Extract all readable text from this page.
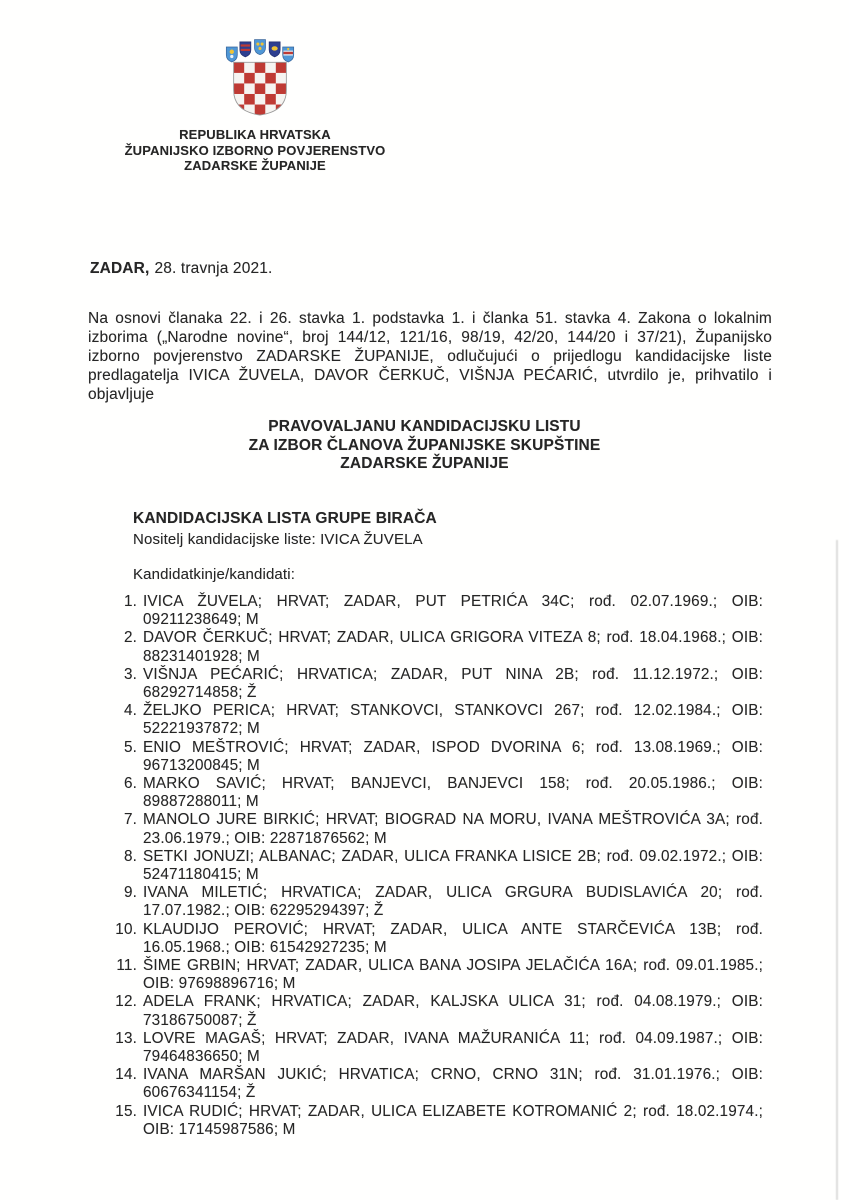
REPUBLIKA HRVATSKA
ŽUPANIJSKO IZBORNO POVJERENSTVO
ZADARSKE ŽUPANIJE
ZADAR, 28. travnja 2021.

Na osnovi članaka 22. i 26. stavka 1. podstavka 1. i članka 51. stavka 4. Zakona o lokalnim izborima („Narodne novine“, broj 144/12, 121/16, 98/19, 42/20, 144/20 i 37/21), Županijsko izborno povjerenstvo ZADARSKE ŽUPANIJE, odlučujući o prijedlogu kandidacijske liste predlagatelja IVICA ŽUVELA, DAVOR ČERKUČ, VIŠNJA PEĆARIĆ, utvrdilo je, prihvatilo i objavljuje

PRAVOVALJANU KANDIDACIJSKU LISTU
ZA IZBOR ČLANOVA ŽUPANIJSKE SKUPŠTINE
ZADARSKE ŽUPANIJE
KANDIDACIJSKA LISTA GRUPE BIRAČA
Nositelj kandidacijske liste: IVICA ŽUVELA
Kandidatkinje/kandidati:
1. IVICA ŽUVELA; HRVAT; ZADAR, PUT PETRIĆA 34C; rođ. 02.07.1969.; OIB: 09211238649; M
2. DAVOR ČERKUČ; HRVAT; ZADAR, ULICA GRIGORA VITEZA 8; rođ. 18.04.1968.; OIB: 88231401928; M
3. VIŠNJA PEĆARIĆ; HRVATICA; ZADAR, PUT NINA 2B; rođ. 11.12.1972.; OIB: 68292714858; Ž
4. ŽELJKO PERICA; HRVAT; STANKOVCI, STANKOVCI 267; rođ. 12.02.1984.; OIB: 52221937872; M
5. ENIO MEŠTROVIĆ; HRVAT; ZADAR, ISPOD DVORINA 6; rođ. 13.08.1969.; OIB: 96713200845; M
6. MARKO SAVIĆ; HRVAT; BANJEVCI, BANJEVCI 158; rođ. 20.05.1986.; OIB: 89887288011; M
7. MANOLO JURE BIRKIĆ; HRVAT; BIOGRAD NA MORU, IVANA MEŠTROVIĆA 3A; rođ. 23.06.1979.; OIB: 22871876562; M
8. SETKI JONUZI; ALBANAC; ZADAR, ULICA FRANKA LISICE 2B; rođ. 09.02.1972.; OIB: 52471180415; M
9. IVANA MILETIĆ; HRVATICA; ZADAR, ULICA GRGURA BUDISLAVIĆA 20; rođ. 17.07.1982.; OIB: 62295294397; Ž
10. KLAUDIJO PEROVIĆ; HRVAT; ZADAR, ULICA ANTE STARČEVIĆA 13B; rođ. 16.05.1968.; OIB: 61542927235; M
11. ŠIME GRBIN; HRVAT; ZADAR, ULICA BANA JOSIPA JELAČIĆA 16A; rođ. 09.01.1985.; OIB: 97698896716; M
12. ADELA FRANK; HRVATICA; ZADAR, KALJSKA ULICA 31; rođ. 04.08.1979.; OIB: 73186750087; Ž
13. LOVRE MAGAŠ; HRVAT; ZADAR, IVANA MAŽURANIĆA 11; rođ. 04.09.1987.; OIB: 79464836650; M
14. IVANA MARŠAN JUKIĆ; HRVATICA; CRNO, CRNO 31N; rođ. 31.01.1976.; OIB: 60676341154; Ž
15. IVICA RUDIĆ; HRVAT; ZADAR, ULICA ELIZABETE KOTROMANIĆ 2; rođ. 18.02.1974.; OIB: 17145987586; M
